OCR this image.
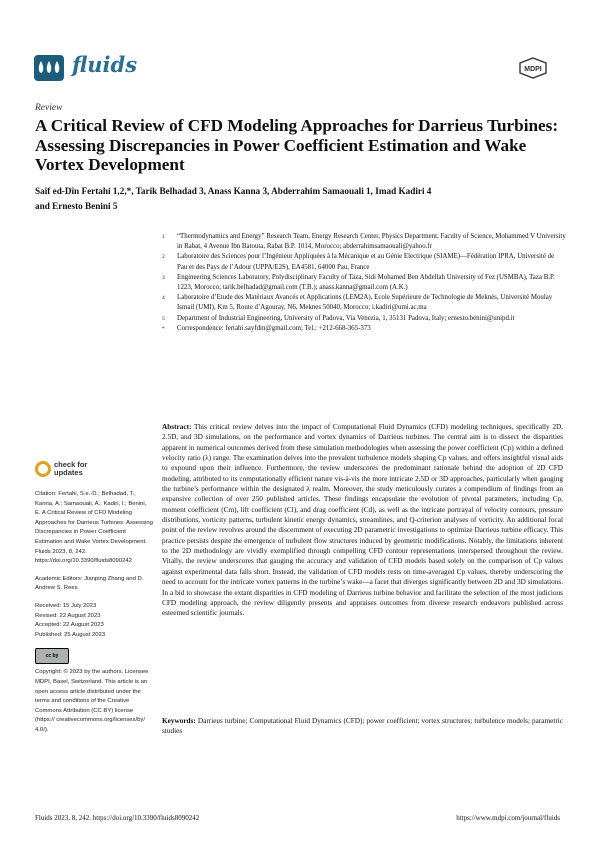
fluids	MDPI
Review
A Critical Review of CFD Modeling Approaches for Darrieus Turbines: Assessing Discrepancies in Power Coefficient Estimation and Wake Vortex Development
Saïf ed-Dîn Fertahi 1,2,*, Tarik Belhadad 3, Anass Kanna 3, Abderrahim Samaouali 1, Imad Kadiri 4
and Ernesto Benini 5
1	“Thermodynamics and Energy” Research Team, Energy Research Center, Physics Department, Faculty of Science, Mohammed V University in Rabat, 4 Avenue Ibn Batouta, Rabat B.P. 1014, Morocco; abderrahimsamaouali@yahoo.fr
2	Laboratoire des Sciences pour l’Ingénieur Appliquées à la Mécanique et au Génie Electrique (SIAME)—Fédération IPRA, Université de Pau et des Pays de l’Adour (UPPA/E2S), EA4581, 64000 Pau, France
3	Engineering Sciences Laboratory, Polydisciplinary Faculty of Taza, Sidi Mohamed Ben Abdellah University of Fez (USMBA), Taza B.P. 1223, Morocco; tarik.belhadad@gmail.com (T.B.); anass.kanna@gmail.com (A.K.)
4	Laboratoire d’Etude des Matériaux Avancés et Applications (LEM2A), Ecole Supérieure de Technologie de Meknès, Université Moulay Ismail (UMI), Km 5, Route d’Agouray, N6, Meknes 50040, Morocco; i.kadiri@umi.ac.ma
5	Department of Industrial Engineering, University of Padova, Via Venezia, 1, 35131 Padova, Italy; ernesto.benini@unipd.it
*	Correspondence: fertahi.sayfdin@gmail.com; Tel.: +212-668-365-373
Abstract: This critical review delves into the impact of Computational Fluid Dynamics (CFD) modeling techniques, specifically 2D, 2.5D, and 3D simulations, on the performance and vortex dynamics of Darrieus turbines. The central aim is to dissect the disparities apparent in numerical outcomes derived from these simulation methodologies when assessing the power coefficient (Cp) within a defined velocity ratio (λ) range. The examination delves into the prevalent turbulence models shaping Cp values, and offers insightful visual aids to expound upon their influence. Furthermore, the review underscores the predominant rationale behind the adoption of 2D CFD modeling, attributed to its computationally efficient nature vis-à-vis the more intricate 2.5D or 3D approaches, particularly when gauging the turbine’s performance within the designated λ realm. Moreover, the study meticulously curates a compendium of findings from an expansive collection of over 250 published articles. These findings encapsulate the evolution of pivotal parameters, including Cp, moment coefficient (Cm), lift coefficient (Cl), and drag coefficient (Cd), as well as the intricate portrayal of velocity contours, pressure distributions, vorticity patterns, turbulent kinetic energy dynamics, streamlines, and Q-criterion analyses of vorticity. An additional focal point of the review revolves around the discernment of executing 2D parametric investigations to optimize Darrieus turbine efficacy. This practice persists despite the emergence of turbulent flow structures induced by geometric modifications. Notably, the limitations inherent to the 2D methodology are vividly exemplified through compelling CFD contour representations interspersed throughout the review. Vitally, the review underscores that gauging the accuracy and validation of CFD models based solely on the comparison of Cp values against experimental data falls short. Instead, the validation of CFD models rests on time-averaged Cp values, thereby underscoring the need to account for the intricate vortex patterns in the turbine’s wake—a facet that diverges significantly between 2D and 3D simulations. In a bid to showcase the extant disparities in CFD modeling of Darrieus turbine behavior and facilitate the selection of the most judicious CFD modeling approach, the review diligently presents and appraises outcomes from diverse research endeavors published across esteemed scientific journals.
Keywords: Darrieus turbine; Computational Fluid Dynamics (CFD); power coefficient; vortex structures; turbulence models; parametric studies
check for
updates
Citation: Fertahi, S.e.-D.; Belhadad, T.; Kanna, A.; Samaouali, A.; Kadiri, I.; Benini, E. A Critical Review of CFD Modeling Approaches for Darrieus Turbines: Assessing Discrepancies in Power Coefficient Estimation and Wake Vortex Development. Fluids 2023, 8, 242. https://doi.org/10.3390/fluids8090242
Academic Editors: Jianping Zhang and D. Andrew S. Rees
Received: 15 July 2023
Revised: 22 August 2023
Accepted: 22 August 2023
Published: 25 August 2023
cc by
Copyright: © 2023 by the authors. Licensee MDPI, Basel, Switzerland. This article is an open access article distributed under the terms and conditions of the Creative Commons Attribution (CC BY) license (https:// creativecommons.org/licenses/by/ 4.0/).
Fluids 2023, 8, 242. https://doi.org/10.3390/fluids8090242	https://www.mdpi.com/journal/fluids
